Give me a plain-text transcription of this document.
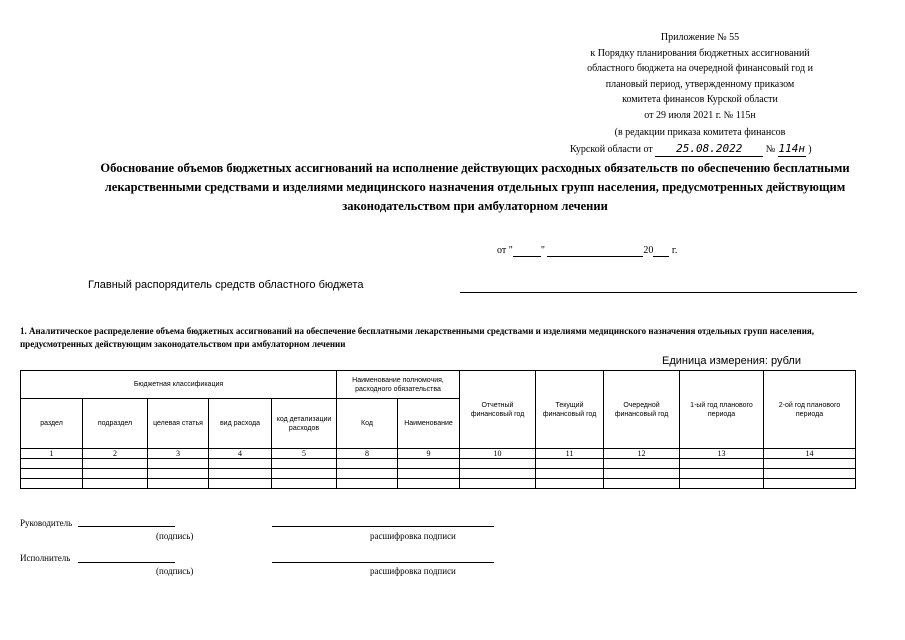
Приложение № 55
к Порядку планирования бюджетных ассигнований
областного бюджета на очередной финансовый год и
плановый период, утвержденному приказом
комитета финансов Курской области
от 29 июля 2021 г. № 115н
(в редакции приказа комитета финансов
Курской области от 25.08.2022 № 114н )
Обоснование объемов бюджетных ассигнований на исполнение действующих расходных обязательств по обеспечению бесплатными лекарственными средствами и изделиями медицинского назначения отдельных групп населения, предусмотренных действующим законодательством при амбулаторном лечении
от "	"	20  г.
Главный распорядитель средств областного бюджета
1. Аналитическое распределение объема бюджетных ассигнований на обеспечение бесплатными лекарственными средствами и изделиями медицинского назначения отдельных групп населения, предусмотренных действующим законодательством при амбулаторном лечении
Единица измерения: рубли
Бюджетная классификация					Наименование полномочия, расходного обязательства		Отчетный финансовый год	Текущий финансовый год	Очередной финансовый год	1-ый год планового периода	2-ой год планового периода
раздел	подраздел	целевая статья	вид расхода	код детализации расходов	Код	Наименование					
1	2	3	4	5	8	9	10	11	12	13	14

Руководитель
(подпись)	расшифровка подписи
Исполнитель
(подпись)	расшифровка подписи
